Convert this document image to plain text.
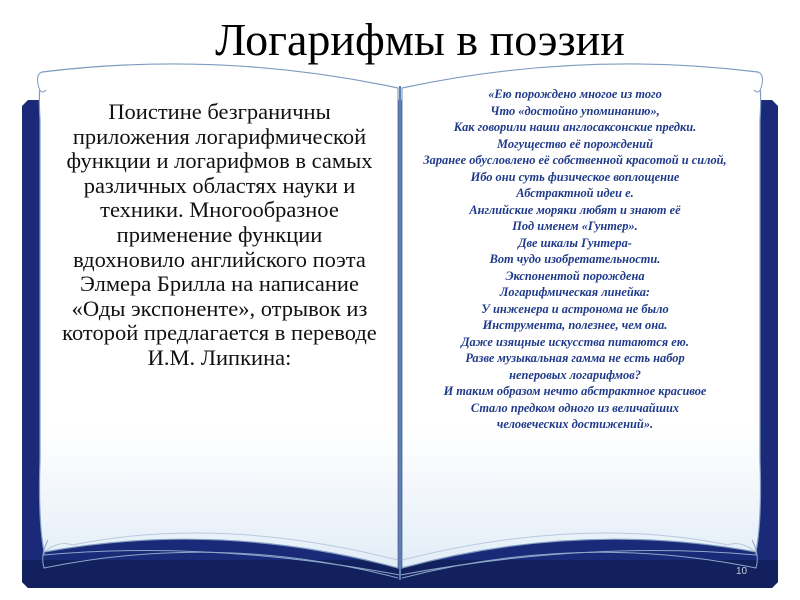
Логарифмы в поэзии
Поистине безграничны приложения логарифмической функции и логарифмов в самых различных областях науки и техники. Многообразное применение функции вдохновило английского поэта Элмера Брилла на написание «Оды экспоненте», отрывок из которой предлагается в переводе И.М. Липкина:
«Ею порождено многое из того
Что «достойно упоминанию»,
Как говорили наши англосаксонские предки.
Могущество её порождений
Заранее обусловлено её собственной красотой и силой,
Ибо они суть физическое воплощение
Абстрактной идеи е.
Английские моряки любят и знают её
Под именем «Гунтер».
Две шкалы Гунтера-
Вот чудо изобретательности.
Экспонентой порождена
Логарифмическая линейка:
У инженера и астронома не было
Инструмента, полезнее, чем она.
Даже изящные искусства питаются ею.
Разве музыкальная гамма не есть набор
неперовых логарифмов?
И таким образом нечто абстрактное красивое
Стало предком одного из величайших
человеческих достижений».
10
